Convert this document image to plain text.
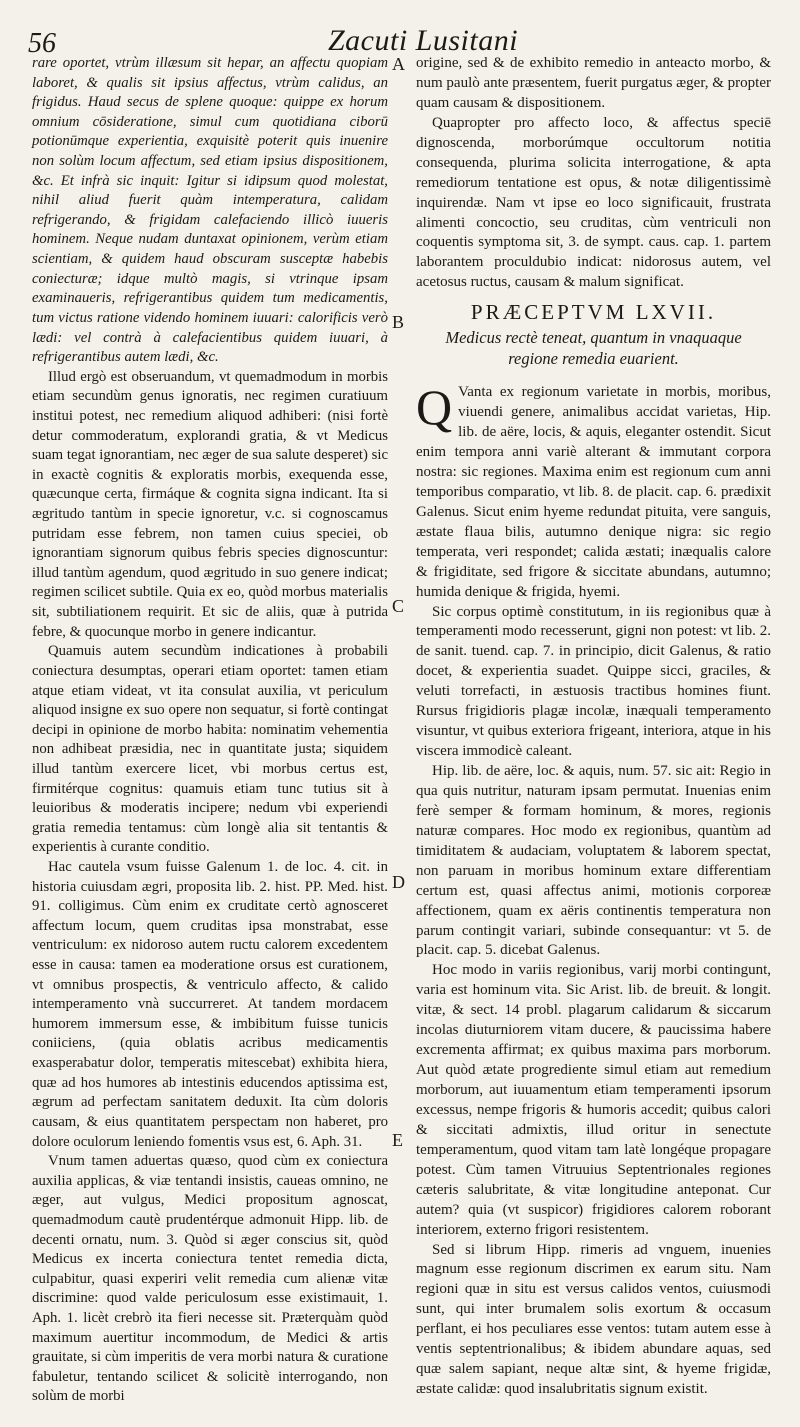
56	Zacuti Lusitani
A
B
C
D
E

rare oportet, vtrùm illæsum sit hepar, an affectu quopiam laboret, & qualis sit ipsius affectus, vtrùm calidus, an frigidus. Haud secus de splene quoque: quippe ex horum omnium cōsideratione, simul cum quotidiana ciborū potionūmque experientia, exquisitè poterit quis inuenire non solùm locum affectum, sed etiam ipsius dispositionem, &c. Et infrà sic inquit: Igitur si idipsum quod molestat, nihil aliud fuerit quàm intemperatura, calidam refrigerando, & frigidam calefaciendo illicò iuueris hominem. Neque nudam duntaxat opinionem, verùm etiam scientiam, & quidem haud obscuram susceptæ habebis coniecturæ; idque multò magis, si vtrinque ipsam examinaueris, refrigerantibus quidem tum medicamentis, tum victus ratione videndo hominem iuuari: calorificis verò lædi: vel contrà à calefacientibus quidem iuuari, à refrigerantibus autem lædi, &c.

Illud ergò est obseruandum, vt quemadmodum in morbis etiam secundùm genus ignoratis, nec regimen curatiuum institui potest, nec remedium aliquod adhiberi: (nisi fortè detur commoderatum, explorandi gratia, & vt Medicus suam tegat ignorantiam, nec æger de sua salute desperet) sic in exactè cognitis & exploratis morbis, exequenda esse, quæcunque certa, firmáque & cognita signa indicant. Ita si ægritudo tantùm in specie ignoretur, v.c. si cognoscamus putridam esse febrem, non tamen cuius speciei, ob ignorantiam signorum quibus febris species dignoscuntur: illud tantùm agendum, quod ægritudo in suo genere indicat; regimen scilicet subtile. Quia ex eo, quòd morbus materialis sit, subtiliationem requirit. Et sic de aliis, quæ à putrida febre, & quocunque morbo in genere indicantur.

Quamuis autem secundùm indicationes à probabili coniectura desumptas, operari etiam oportet: tamen etiam atque etiam videat, vt ita consulat auxilia, vt periculum aliquod insigne ex suo opere non sequatur, si fortè contingat decipi in opinione de morbo habita: nominatim vehementia non adhibeat præsidia, nec in quantitate justa; siquidem illud tantùm exercere licet, vbi morbus certus est, firmitérque cognitus: quamuis etiam tunc tutius sit à leuioribus & moderatis incipere; nedum vbi experiendi gratia remedia tentamus: cùm longè alia sit tentantis & experientis à curante conditio.

Hac cautela vsum fuisse Galenum 1. de loc. 4. cit. in historia cuiusdam ægri, proposita lib. 2. hist. PP. Med. hist. 91. colligimus. Cùm enim ex cruditate certò agnosceret affectum locum, quem cruditas ipsa monstrabat, esse ventriculum: ex nidoroso autem ructu calorem excedentem esse in causa: tamen ea moderatione orsus est curationem, vt omnibus prospectis, & ventriculo affecto, & calido intemperamento vnà succurreret. At tandem mordacem humorem immersum esse, & imbibitum fuisse tunicis coniiciens, (quia oblatis acribus medicamentis exasperabatur dolor, temperatis mitescebat) exhibita hiera, quæ ad hos humores ab intestinis educendos aptissima est, ægrum ad perfectam sanitatem deduxit. Ita cùm doloris causam, & eius quantitatem perspectam non haberet, pro dolore oculorum leniendo fomentis vsus est, 6. Aph. 31.

Vnum tamen aduertas quæso, quod cùm ex coniectura auxilia applicas, & viæ tentandi insistis, caueas omnino, ne æger, aut vulgus, Medici propositum agnoscat, quemadmodum cautè prudentérque admonuit Hipp. lib. de decenti ornatu, num. 3. Quòd si æger conscius sit, quòd Medicus ex incerta coniectura tentet remedia dicta, culpabitur, quasi experiri velit remedia cum alienæ vitæ discrimine: quod valde periculosum esse existimauit, 1. Aph. 1. licèt crebrò ita fieri necesse sit. Præterquàm quòd maximum auertitur incommodum, de Medici & artis grauitate, si cùm imperitis de vera morbi natura & curatione fabuletur, tentando scilicet & solicitè interrogando, non solùm de morbi

origine, sed & de exhibito remedio in anteacto morbo, & num paulò ante præsentem, fuerit purgatus æger, & propter quam causam & dispositionem.

Quapropter pro affecto loco, & affectus speciē dignoscenda, morborúmque occultorum notitia consequenda, plurima solicita interrogatione, & apta remediorum tentatione est opus, & notæ diligentissimè inquirendæ. Nam vt ipse eo loco significauit, frustrata alimenti concoctio, seu cruditas, cùm ventriculi non coquentis symptoma sit, 3. de sympt. caus. cap. 1. partem laborantem proculdubio indicat: nidorosus autem, vel acetosus ructus, causam & malum significat.

PRÆCEPTVM LXVII.

Medicus rectè teneat, quantum in vnaquaque regione remedia euarient.

Q Vanta ex regionum varietate in morbis, moribus, viuendi genere, animalibus accidat varietas, Hip. lib. de aëre, locis, & aquis, eleganter ostendit. Sicut enim tempora anni variè alterant & immutant corpora nostra: sic regiones. Maxima enim est regionum cum anni temporibus comparatio, vt lib. 8. de placit. cap. 6. prædixit Galenus. Sicut enim hyeme redundat pituita, vere sanguis, æstate flaua bilis, autumno denique nigra: sic regio temperata, veri respondet; calida æstati; inæqualis calore & frigiditate, sed frigore & siccitate abundans, autumno; humida denique & frigida, hyemi.

Sic corpus optimè constitutum, in iis regionibus quæ à temperamenti modo recesserunt, gigni non potest: vt lib. 2. de sanit. tuend. cap. 7. in principio, dicit Galenus, & ratio docet, & experientia suadet. Quippe sicci, graciles, & veluti torrefacti, in æstuosis tractibus homines fiunt. Rursus frigidioris plagæ incolæ, inæquali temperamento visuntur, vt quibus exteriora frigeant, interiora, atque in his viscera immodicè caleant.

Hip. lib. de aëre, loc. & aquis, num. 57. sic ait: Regio in qua quis nutritur, naturam ipsam permutat. Inuenias enim ferè semper & formam hominum, & mores, regionis naturæ compares. Hoc modo ex regionibus, quantùm ad timiditatem & audaciam, voluptatem & laborem spectat, non paruam in moribus hominum extare differentiam certum est, quasi affectus animi, motionis corporeæ affectionem, quam ex aëris continentis temperatura non parum contingit variari, subinde consequantur: vt 5. de placit. cap. 5. dicebat Galenus.

Hoc modo in variis regionibus, varij morbi contingunt, varia est hominum vita. Sic Arist. lib. de breuit. & longit. vitæ, & sect. 14 probl. plagarum calidarum & siccarum incolas diuturniorem vitam ducere, & paucissima habere excrementa affirmat; ex quibus maxima pars morborum. Aut quòd ætate progrediente simul etiam aut remedium morborum, aut iuuamentum etiam temperamenti ipsorum excessus, nempe frigoris & humoris accedit; quibus calori & siccitati admixtis, illud oritur in senectute temperamentum, quod vitam tam latè longéque propagare potest. Cùm tamen Vitruuius Septentrionales regiones cæteris salubritate, & vitæ longitudine anteponat. Cur autem? quia (vt suspicor) frigidiores calorem roborant interiorem, externo frigori resistentem.

Sed si librum Hipp. rimeris ad vnguem, inuenies magnum esse regionum discrimen ex earum situ. Nam regioni quæ in situ est versus calidos ventos, cuiusmodi sunt, qui inter brumalem solis exortum & occasum perflant, ei hos peculiares esse ventos: tutam autem esse à ventis septentrionalibus; & ibidem abundare aquas, sed quæ salem sapiant, neque altæ sint, & hyeme frigidæ, æstate calidæ: quod insalubritatis signum existit.
